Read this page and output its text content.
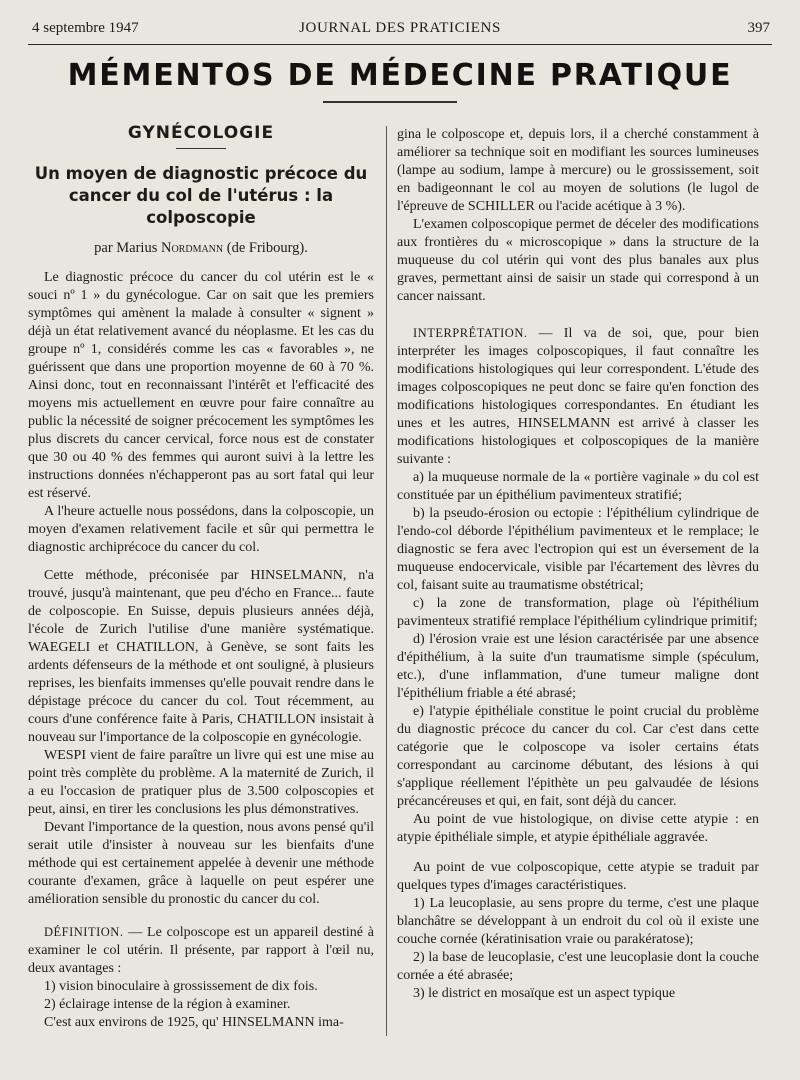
4 septembre 1947	JOURNAL DES PRATICIENS	397
MÉMENTOS DE MÉDECINE PRATIQUE
GYNÉCOLOGIE
Un moyen de diagnostic précoce du cancer du col de l'utérus : la colposcopie
par Marius Nordmann (de Fribourg).

Le diagnostic précoce du cancer du col utérin est le « souci nº 1 » du gynécologue. Car on sait que les premiers symptômes qui amènent la malade à consulter « signent » déjà un état relativement avancé du néoplasme. Et les cas du groupe nº 1, considérés comme les cas « favorables », ne guérissent que dans une proportion moyenne de 60 à 70 %. Ainsi donc, tout en reconnaissant l'intérêt et l'efficacité des moyens mis actuellement en œuvre pour faire connaître au public la nécessité de soigner précocement les symptômes les plus discrets du cancer cervical, force nous est de constater que 30 ou 40 % des femmes qui auront suivi à la lettre les instructions données n'échapperont pas au sort fatal qui leur est réservé.

A l'heure actuelle nous possédons, dans la colposcopie, un moyen d'examen relativement facile et sûr qui permettra le diagnostic archiprécoce du cancer du col.

Cette méthode, préconisée par HINSELMANN, n'a trouvé, jusqu'à maintenant, que peu d'écho en France... faute de colposcopie. En Suisse, depuis plusieurs années déjà, l'école de Zurich l'utilise d'une manière systématique. WAEGELI et CHATILLON, à Genève, se sont faits les ardents défenseurs de la méthode et ont souligné, à plusieurs reprises, les bienfaits immenses qu'elle pouvait rendre dans le dépistage précoce du cancer du col. Tout récemment, au cours d'une conférence faite à Paris, CHATILLON insistait à nouveau sur l'importance de la colposcopie en gynécologie.

WESPI vient de faire paraître un livre qui est une mise au point très complète du problème. A la maternité de Zurich, il a eu l'occasion de pratiquer plus de 3.500 colposcopies et peut, ainsi, en tirer les conclusions les plus démonstratives.

Devant l'importance de la question, nous avons pensé qu'il serait utile d'insister à nouveau sur les bienfaits d'une méthode qui est certainement appelée à devenir une méthode courante d'examen, grâce à laquelle on peut espérer une amélioration sensible du pronostic du cancer du col.

DÉFINITION. — Le colposcope est un appareil destiné à examiner le col utérin. Il présente, par rapport à l'œil nu, deux avantages :

1) vision binoculaire à grossissement de dix fois.

2) éclairage intense de la région à examiner.

C'est aux environs de 1925, qu' HINSELMANN ima-

gina le colposcope et, depuis lors, il a cherché constamment à améliorer sa technique soit en modifiant les sources lumineuses (lampe au sodium, lampe à mercure) ou le grossissement, soit en badigeonnant le col au moyen de solutions (le lugol de l'épreuve de SCHILLER ou l'acide acétique à 3 %).

L'examen colposcopique permet de déceler des modifications aux frontières du « microscopique » dans la structure de la muqueuse du col utérin qui vont des plus banales aux plus graves, permettant ainsi de saisir un stade qui correspond à un cancer naissant.

INTERPRÉTATION. — Il va de soi, que, pour bien interpréter les images colposcopiques, il faut connaître les modifications histologiques qui leur correspondent. L'étude des images colposcopiques ne peut donc se faire qu'en fonction des modifications histologiques correspondantes. En étudiant les unes et les autres, HINSELMANN est arrivé à classer les modifications histologiques et colposcopiques de la manière suivante :

a) la muqueuse normale de la « portière vaginale » du col est constituée par un épithélium pavimenteux stratifié;

b) la pseudo-érosion ou ectopie : l'épithélium cylindrique de l'endo-col déborde l'épithélium pavimenteux et le remplace; le diagnostic se fera avec l'ectropion qui est un éversement de la muqueuse endocervicale, visible par l'écartement des lèvres du col, faisant suite au traumatisme obstétrical;

c) la zone de transformation, plage où l'épithélium pavimenteux stratifié remplace l'épithélium cylindrique primitif;

d) l'érosion vraie est une lésion caractérisée par une absence d'épithélium, à la suite d'un traumatisme simple (spéculum, etc.), d'une inflammation, d'une tumeur maligne dont l'épithélium friable a été abrasé;

e) l'atypie épithéliale constitue le point crucial du problème du diagnostic précoce du cancer du col. Car c'est dans cette catégorie que le colposcope va isoler certains états correspondant au carcinome débutant, des lésions à qui s'applique réellement l'épithète un peu galvaudée de lésions précancéreuses et qui, en fait, sont déjà du cancer.

Au point de vue histologique, on divise cette atypie : en atypie épithéliale simple, et atypie épithéliale aggravée.

Au point de vue colposcopique, cette atypie se traduit par quelques types d'images caractéristiques.

1) La leucoplasie, au sens propre du terme, c'est une plaque blanchâtre se développant à un endroit du col où il existe une couche cornée (kératinisation vraie ou parakératose);

2) la base de leucoplasie, c'est une leucoplasie dont la couche cornée a été abrasée;

3) le district en mosaïque est un aspect typique
